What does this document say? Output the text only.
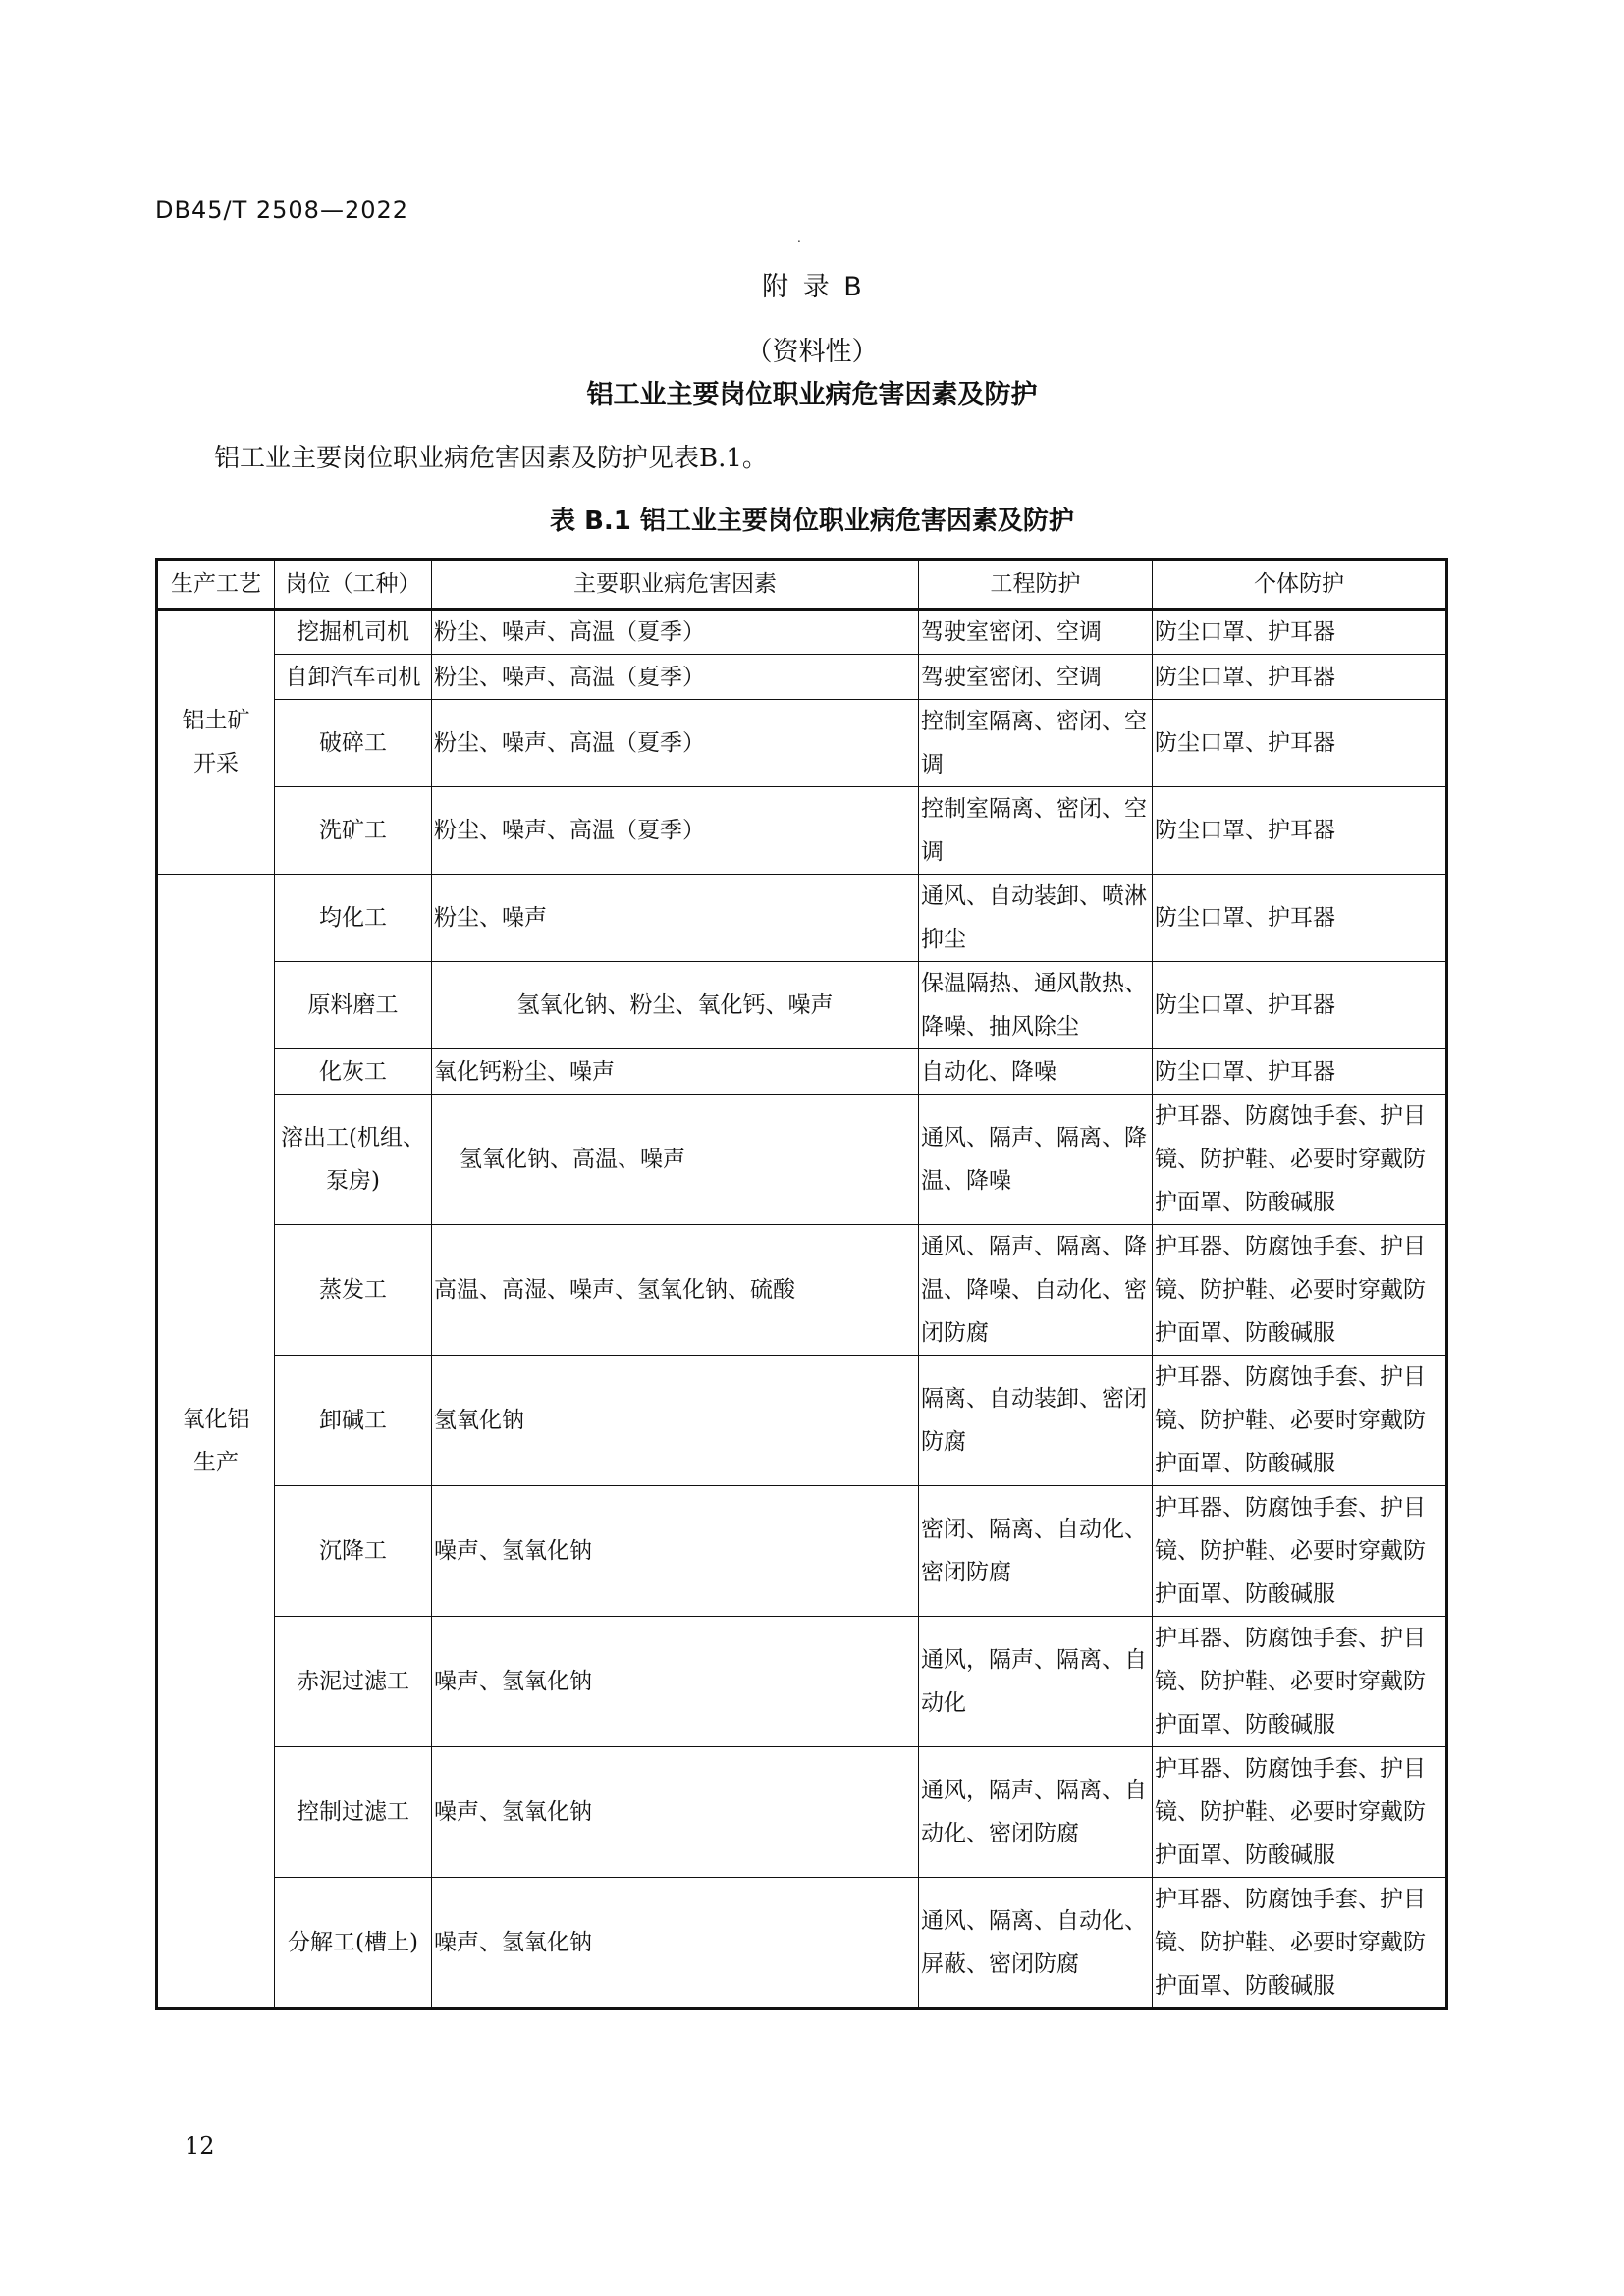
DB45/T 2508—2022
.
附 录 B
（资料性）
铝工业主要岗位职业病危害因素及防护
铝工业主要岗位职业病危害因素及防护见表B.1。
表 B.1 铝工业主要岗位职业病危害因素及防护
生产工艺	岗位（工种）	主要职业病危害因素	工程防护	个体防护
铝土矿开采	挖掘机司机	粉尘、噪声、高温（夏季）	驾驶室密闭、空调	防尘口罩、护耳器
	自卸汽车司机	粉尘、噪声、高温（夏季）	驾驶室密闭、空调	防尘口罩、护耳器
	破碎工	粉尘、噪声、高温（夏季）	控制室隔离、密闭、空调	防尘口罩、护耳器
	洗矿工	粉尘、噪声、高温（夏季）	控制室隔离、密闭、空调	防尘口罩、护耳器
氧化铝生产	均化工	粉尘、噪声	通风、自动装卸、喷淋抑尘	防尘口罩、护耳器
	原料磨工	氢氧化钠、粉尘、氧化钙、噪声	保温隔热、通风散热、降噪、抽风除尘	防尘口罩、护耳器
	化灰工	氧化钙粉尘、噪声	自动化、降噪	防尘口罩、护耳器
	溶出工(机组、泵房)	氢氧化钠、高温、噪声	通风、隔声、隔离、降温、降噪	护耳器、防腐蚀手套、护目镜、防护鞋、必要时穿戴防护面罩、防酸碱服
	蒸发工	高温、高湿、噪声、氢氧化钠、硫酸	通风、隔声、隔离、降温、降噪、自动化、密闭防腐	护耳器、防腐蚀手套、护目镜、防护鞋、必要时穿戴防护面罩、防酸碱服
	卸碱工	氢氧化钠	隔离、自动装卸、密闭防腐	护耳器、防腐蚀手套、护目镜、防护鞋、必要时穿戴防护面罩、防酸碱服
	沉降工	噪声、氢氧化钠	密闭、隔离、自动化、密闭防腐	护耳器、防腐蚀手套、护目镜、防护鞋、必要时穿戴防护面罩、防酸碱服
	赤泥过滤工	噪声、氢氧化钠	通风，隔声、隔离、自动化	护耳器、防腐蚀手套、护目镜、防护鞋、必要时穿戴防护面罩、防酸碱服
	控制过滤工	噪声、氢氧化钠	通风，隔声、隔离、自动化、密闭防腐	护耳器、防腐蚀手套、护目镜、防护鞋、必要时穿戴防护面罩、防酸碱服
	分解工(槽上)	噪声、氢氧化钠	通风、隔离、自动化、屏蔽、密闭防腐	护耳器、防腐蚀手套、护目镜、防护鞋、必要时穿戴防护面罩、防酸碱服
12
